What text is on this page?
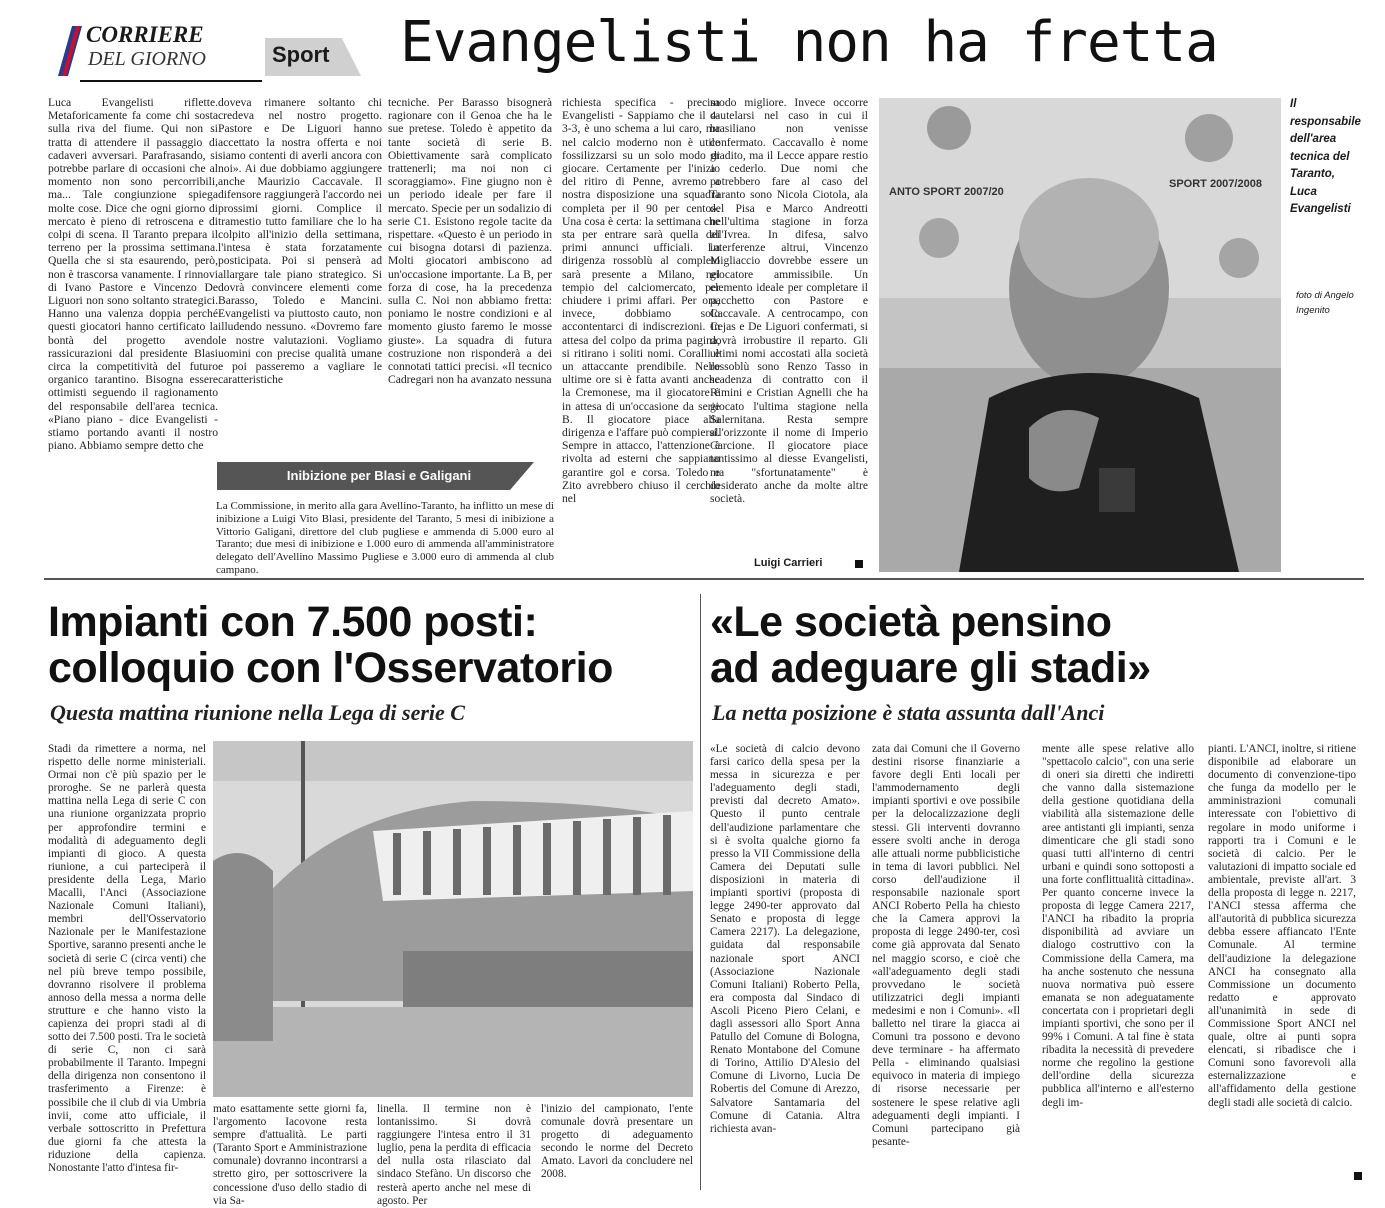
CORRIERE
DEL GIORNO	Sport Evangelisti non ha fretta
Luca Evangelisti riflette. Metaforicamente fa come chi sosta sulla riva del fiume. Qui non si tratta di attendere il passaggio di cadaveri avversari. Parafrasando, si potrebbe parlare di occasioni che al momento non sono percorribili, ma... Tale congiunzione spiega molte cose. Dice che ogni giorno di mercato è pieno di retroscena e di colpi di scena. Il Taranto prepara il terreno per la prossima settimana. Quella che si sta esaurendo, però, non è trascorsa vanamente. I rinnovi di Ivano Pastore e Vincenzo De Liguori non sono soltanto strategici. Hanno una valenza doppia perché questi giocatori hanno certificato la bontà del progetto avendo rassicurazioni dal presidente Blasi circa la competitività del futuro organico tarantino. Bisogna essere ottimisti seguendo il ragionamento del responsabile dell'area tecnica. «Piano piano - dice Evangelisti - stiamo portando avanti il nostro piano. Abbiamo sempre detto che
doveva rimanere soltanto chi credeva nel nostro progetto. Pastore e De Liguori hanno accettato la nostra offerta e noi siamo contenti di averli ancora con noi». Ai due dobbiamo aggiungere anche Maurizio Caccavale. Il difensore raggiungerà l'accordo nei prossimi giorni. Complice il tramestio tutto familiare che lo ha colpito all'inizio della settimana, l'intesa è stata forzatamente posticipata. Poi si penserà ad allargare tale piano strategico. Si dovrà convincere elementi come Barasso, Toledo e Mancini. Evangelisti va piuttosto cauto, non illudendo nessuno. «Dovremo fare le nostre valutazioni. Vogliamo uomini con precise qualità umane e poi passeremo a vagliare le caratteristiche
tecniche. Per Barasso bisognerà ragionare con il Genoa che ha le sue pretese. Toledo è appetito da tante società di serie B. Obiettivamente sarà complicato trattenerli; ma noi non ci scoraggiamo». Fine giugno non è un periodo ideale per fare il mercato. Specie per un sodalizio di serie C1. Esistono regole tacite da rispettare. «Questo è un periodo in cui bisogna dotarsi di pazienza. Molti giocatori ambiscono ad un'occasione importante. La B, per forza di cose, ha la precedenza sulla C. Noi non abbiamo fretta: poniamo le nostre condizioni e al momento giusto faremo le mosse giuste». La squadra di futura costruzione non risponderà a dei connotati tattici precisi. «Il tecnico Cadregari non ha avanzato nessuna
richiesta specifica - precisa Evangelisti - Sappiamo che il 4-3-3, è uno schema a lui caro, ma nel calcio moderno non è utile fossilizzarsi su un solo modo di giocare. Certamente per l'inizio del ritiro di Penne, avremo a nostra disposizione una squadra completa per il 90 per cento». Una cosa è certa: la settimana che sta per entrare sarà quella dei primi annunci ufficiali. La dirigenza rossoblù al completo sarà presente a Milano, nel tempio del calciomercato, per chiudere i primi affari. Per ora, invece, dobbiamo solo accontentarci di indiscrezioni. In attesa del colpo da prima pagina, si ritirano i soliti nomi. Coralli è un attaccante prendibile. Nelle ultime ore si è fatta avanti anche la Cremonese, ma il giocatore è in attesa di un'occasione da serie B. Il giocatore piace alla dirigenza e l'affare può compiersi. Sempre in attacco, l'attenzione è rivolta ad esterni che sappiano garantire gol e corsa. Toledo e Zito avrebbero chiuso il cerchio nel
modo migliore. Invece occorre cautelarsi nel caso in cui il brasiliano non venisse confermato. Caccavallo è nome gradito, ma il Lecce appare restio a cederlo. Due nomi che potrebbero fare al caso del Taranto sono Nicola Ciotola, ala del Pisa e Marco Andreotti nell'ultima stagione in forza all'Ivrea. In difesa, salvo interferenze altrui, Vincenzo Migliaccio dovrebbe essere un giocatore ammissibile. Un elemento ideale per completare il pacchetto con Pastore e Caccavale. A centrocampo, con Cejas e De Liguori confermati, si dovrà irrobustire il reparto. Gli ultimi nomi accostati alla società rossoblù sono Renzo Tasso in scadenza di contratto con il Rimini e Cristian Agnelli che ha giocato l'ultima stagione nella Salernitana. Resta sempre all'orizzonte il nome di Imperio Carcione. Il giocatore piace tantissimo al diesse Evangelisti, ma "sfortunatamente" è desiderato anche da molte altre società.
Inibizione per Blasi e Galigani
La Commissione, in merito alla gara Avellino-Taranto, ha inflitto un mese di inibizione a Luigi Vito Blasi, presidente del Taranto, 5 mesi di inibizione a Vittorio Galigani, direttore del club pugliese e ammenda di 5.000 euro al Taranto; due mesi di inibizione e 1.000 euro di ammenda all'amministratore delegato dell'Avellino Massimo Pugliese e 3.000 euro di ammenda al club campano.
ANTO SPORT 2007/20
SPORT 2007/2008
Il responsabile dell'area tecnica del Taranto, Luca Evangelisti
foto di Angelo Ingenito
Luigi Carrieri
Impianti con 7.500 posti:
colloquio con l'Osservatorio
Questa mattina riunione nella Lega di serie C
Stadi da rimettere a norma, nel rispetto delle norme ministeriali. Ormai non c'è più spazio per le proroghe. Se ne parlerà questa mattina nella Lega di serie C con una riunione organizzata proprio per approfondire termini e modalità di adeguamento degli impianti di gioco. A questa riunione, a cui parteciperà il presidente della Lega, Mario Macalli, l'Anci (Associazione Nazionale Comuni Italiani), membri dell'Osservatorio Nazionale per le Manifestazione Sportive, saranno presenti anche le società di serie C (circa venti) che nel più breve tempo possibile, dovranno risolvere il problema annoso della messa a norma delle strutture e che hanno visto la capienza dei propri stadi al di sotto dei 7.500 posti. Tra le società di serie C, non ci sarà probabilmente il Taranto. Impegni della dirigenza non consentono il trasferimento a Firenze: è possibile che il club di via Umbria invii, come atto ufficiale, il verbale sottoscritto in Prefettura due giorni fa che attesta la riduzione della capienza. Nonostante l'atto d'intesa fir-
mato esattamente sette giorni fa, l'argomento Iacovone resta sempre d'attualità. Le parti (Taranto Sport e Amministrazione comunale) dovranno incontrarsi a stretto giro, per sottoscrivere la concessione d'uso dello stadio di via Sa-
linella. Il termine non è lontanissimo. Si dovrà raggiungere l'intesa entro il 31 luglio, pena la perdita di efficacia del nulla osta rilasciato dal sindaco Stefàno. Un discorso che resterà aperto anche nel mese di agosto. Per
l'inizio del campionato, l'ente comunale dovrà presentare un progetto di adeguamento secondo le norme del Decreto Amato. Lavori da concludere nel 2008.
«Le società pensino
ad adeguare gli stadi»
La netta posizione è stata assunta dall'Anci
«Le società di calcio devono farsi carico della spesa per la messa in sicurezza e per l'adeguamento degli stadi, previsti dal decreto Amato». Questo il punto centrale dell'audizione parlamentare che si è svolta qualche giorno fa presso la VII Commissione della Camera dei Deputati sulle disposizioni in materia di impianti sportivi (proposta di legge 2490-ter approvato dal Senato e proposta di legge Camera 2217). La delegazione, guidata dal responsabile nazionale sport ANCI (Associazione Nazionale Comuni Italiani) Roberto Pella, era composta dal Sindaco di Ascoli Piceno Piero Celani, e dagli assessori allo Sport Anna Patullo del Comune di Bologna, Renato Montabone del Comune di Torino, Attilio D'Alesio del Comune di Livorno, Lucia De Robertis del Comune di Arezzo, Salvatore Santamaria del Comune di Catania. Altra richiesta avan-
zata dai Comuni che il Governo destini risorse finanziarie a favore degli Enti locali per l'ammodernamento degli impianti sportivi e ove possibile per la delocalizzazione degli stessi. Gli interventi dovranno essere svolti anche in deroga alle attuali norme pubblicistiche in tema di lavori pubblici. Nel corso dell'audizione il responsabile nazionale sport ANCI Roberto Pella ha chiesto che la Camera approvi la proposta di legge 2490-ter, così come già approvata dal Senato nel maggio scorso, e cioè che «all'adeguamento degli stadi provvedano le società utilizzatrici degli impianti medesimi e non i Comuni». «Il balletto nel tirare la giacca ai Comuni tra possono e devono deve terminare - ha affermato Pella - eliminando qualsiasi equivoco in materia di impiego di risorse necessarie per sostenere le spese relative agli adeguamenti degli impianti. I Comuni partecipano già pesante-
mente alle spese relative allo "spettacolo calcio", con una serie di oneri sia diretti che indiretti che vanno dalla sistemazione della gestione quotidiana della viabilità alla sistemazione delle aree antistanti gli impianti, senza dimenticare che gli stadi sono quasi tutti all'interno di centri urbani e quindi sono sottoposti a una forte conflittualità cittadina». Per quanto concerne invece la proposta di legge Camera 2217, l'ANCI ha ribadito la propria disponibilità ad avviare un dialogo costruttivo con la Commissione della Camera, ma ha anche sostenuto che nessuna nuova normativa può essere emanata se non adeguatamente concertata con i proprietari degli impianti sportivi, che sono per il 99% i Comuni. A tal fine è stata ribadita la necessità di prevedere norme che regolino la gestione dell'ordine della sicurezza pubblica all'interno e all'esterno degli im-
pianti. L'ANCI, inoltre, si ritiene disponibile ad elaborare un documento di convenzione-tipo che funga da modello per le amministrazioni comunali interessate con l'obiettivo di regolare in modo uniforme i rapporti tra i Comuni e le società di calcio. Per le valutazioni di impatto sociale ed ambientale, previste all'art. 3 della proposta di legge n. 2217, l'ANCI stessa afferma che all'autorità di pubblica sicurezza debba essere affiancato l'Ente Comunale. Al termine dell'audizione la delegazione ANCI ha consegnato alla Commissione un documento redatto e approvato all'unanimità in sede di Commissione Sport ANCI nel quale, oltre ai punti sopra elencati, si ribadisce che i Comuni sono favorevoli alla esternalizzazione e all'affidamento della gestione degli stadi alle società di calcio.
